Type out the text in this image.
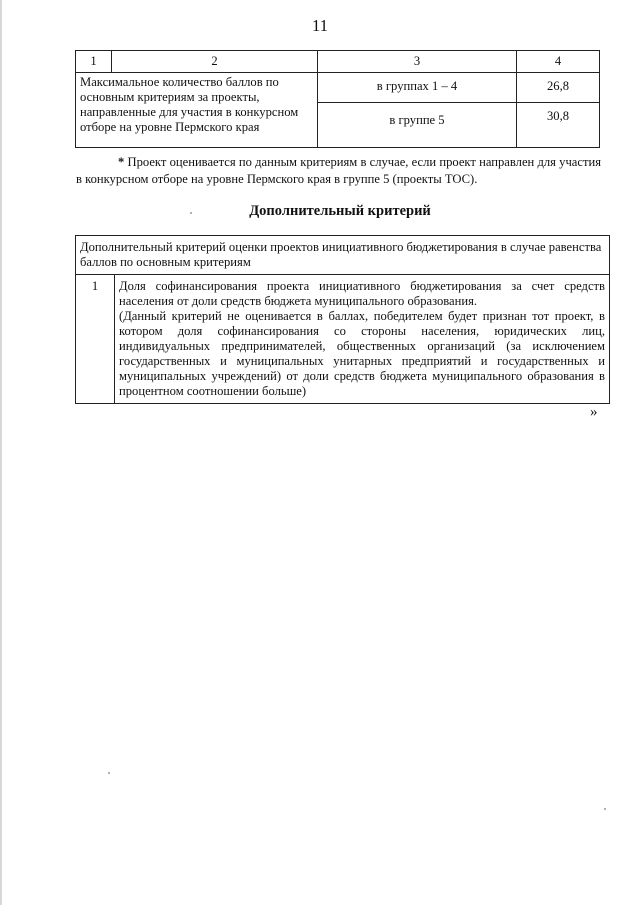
11
1	2	3	4
Максимальное количество баллов по основным критериям за проекты, направленные для участия в конкурсном отборе на уровне Пермского края		в группах 1 – 4	26,8
		в группе 5	30,8
* Проект оценивается по данным критериям в случае, если проект направлен для участия в конкурсном отборе на уровне Пермского края в группе 5 (проекты ТОС).
Дополнительный критерий
Дополнительный критерий оценки проектов инициативного бюджетирования в случае равенства баллов по основным критериям
1	Доля софинансирования проекта инициативного бюджетирования за счет средств населения от доли средств бюджета муниципального образования.

(Данный критерий не оценивается в баллах, победителем будет признан тот проект, в котором доля софинансирования со стороны населения, юридических лиц, индивидуальных предпринимателей, общественных организаций (за исключением государственных и муниципальных унитарных предприятий и государственных и муниципальных учреждений) от доли средств бюджета муниципального образования в процентном соотношении больше)

»
